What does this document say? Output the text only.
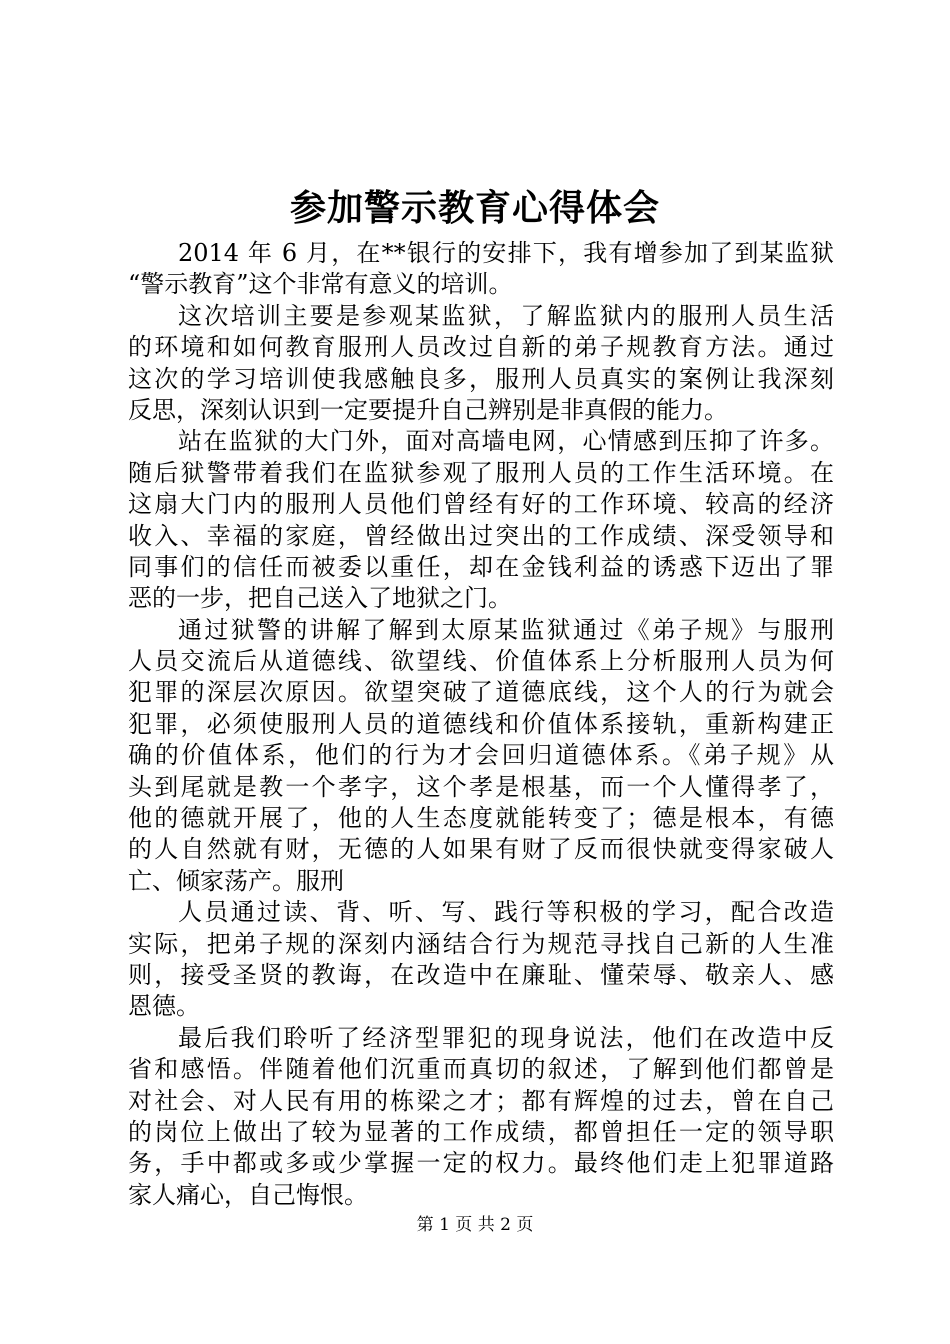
参加警示教育心得体会
2014 年 6 月，在**银行的安排下，我有增参加了到某监狱
“警示教育”这个非常有意义的培训。
这次培训主要是参观某监狱，了解监狱内的服刑人员生活
的环境和如何教育服刑人员改过自新的弟子规教育方法。通过
这次的学习培训使我感触良多，服刑人员真实的案例让我深刻
反思，深刻认识到一定要提升自己辨别是非真假的能力。
站在监狱的大门外，面对高墙电网，心情感到压抑了许多。
随后狱警带着我们在监狱参观了服刑人员的工作生活环境。在
这扇大门内的服刑人员他们曾经有好的工作环境、较高的经济
收入、幸福的家庭，曾经做出过突出的工作成绩、深受领导和
同事们的信任而被委以重任，却在金钱利益的诱惑下迈出了罪
恶的一步，把自己送入了地狱之门。
通过狱警的讲解了解到太原某监狱通过《弟子规》与服刑
人员交流后从道德线、欲望线、价值体系上分析服刑人员为何
犯罪的深层次原因。欲望突破了道德底线，这个人的行为就会
犯罪，必须使服刑人员的道德线和价值体系接轨，重新构建正
确的价值体系，他们的行为才会回归道德体系。《弟子规》从
头到尾就是教一个孝字，这个孝是根基，而一个人懂得孝了，
他的德就开展了，他的人生态度就能转变了；德是根本，有德
的人自然就有财，无德的人如果有财了反而很快就变得家破人
亡、倾家荡产。服刑
人员通过读、背、听、写、践行等积极的学习，配合改造
实际，把弟子规的深刻内涵结合行为规范寻找自己新的人生准
则，接受圣贤的教诲，在改造中在廉耻、懂荣辱、敬亲人、感
恩德。
最后我们聆听了经济型罪犯的现身说法，他们在改造中反
省和感悟。伴随着他们沉重而真切的叙述，了解到他们都曾是
对社会、对人民有用的栋梁之才；都有辉煌的过去，曾在自己
的岗位上做出了较为显著的工作成绩，都曾担任一定的领导职
务，手中都或多或少掌握一定的权力。最终他们走上犯罪道路
家人痛心，自己悔恨。
第 1 页 共 2 页
